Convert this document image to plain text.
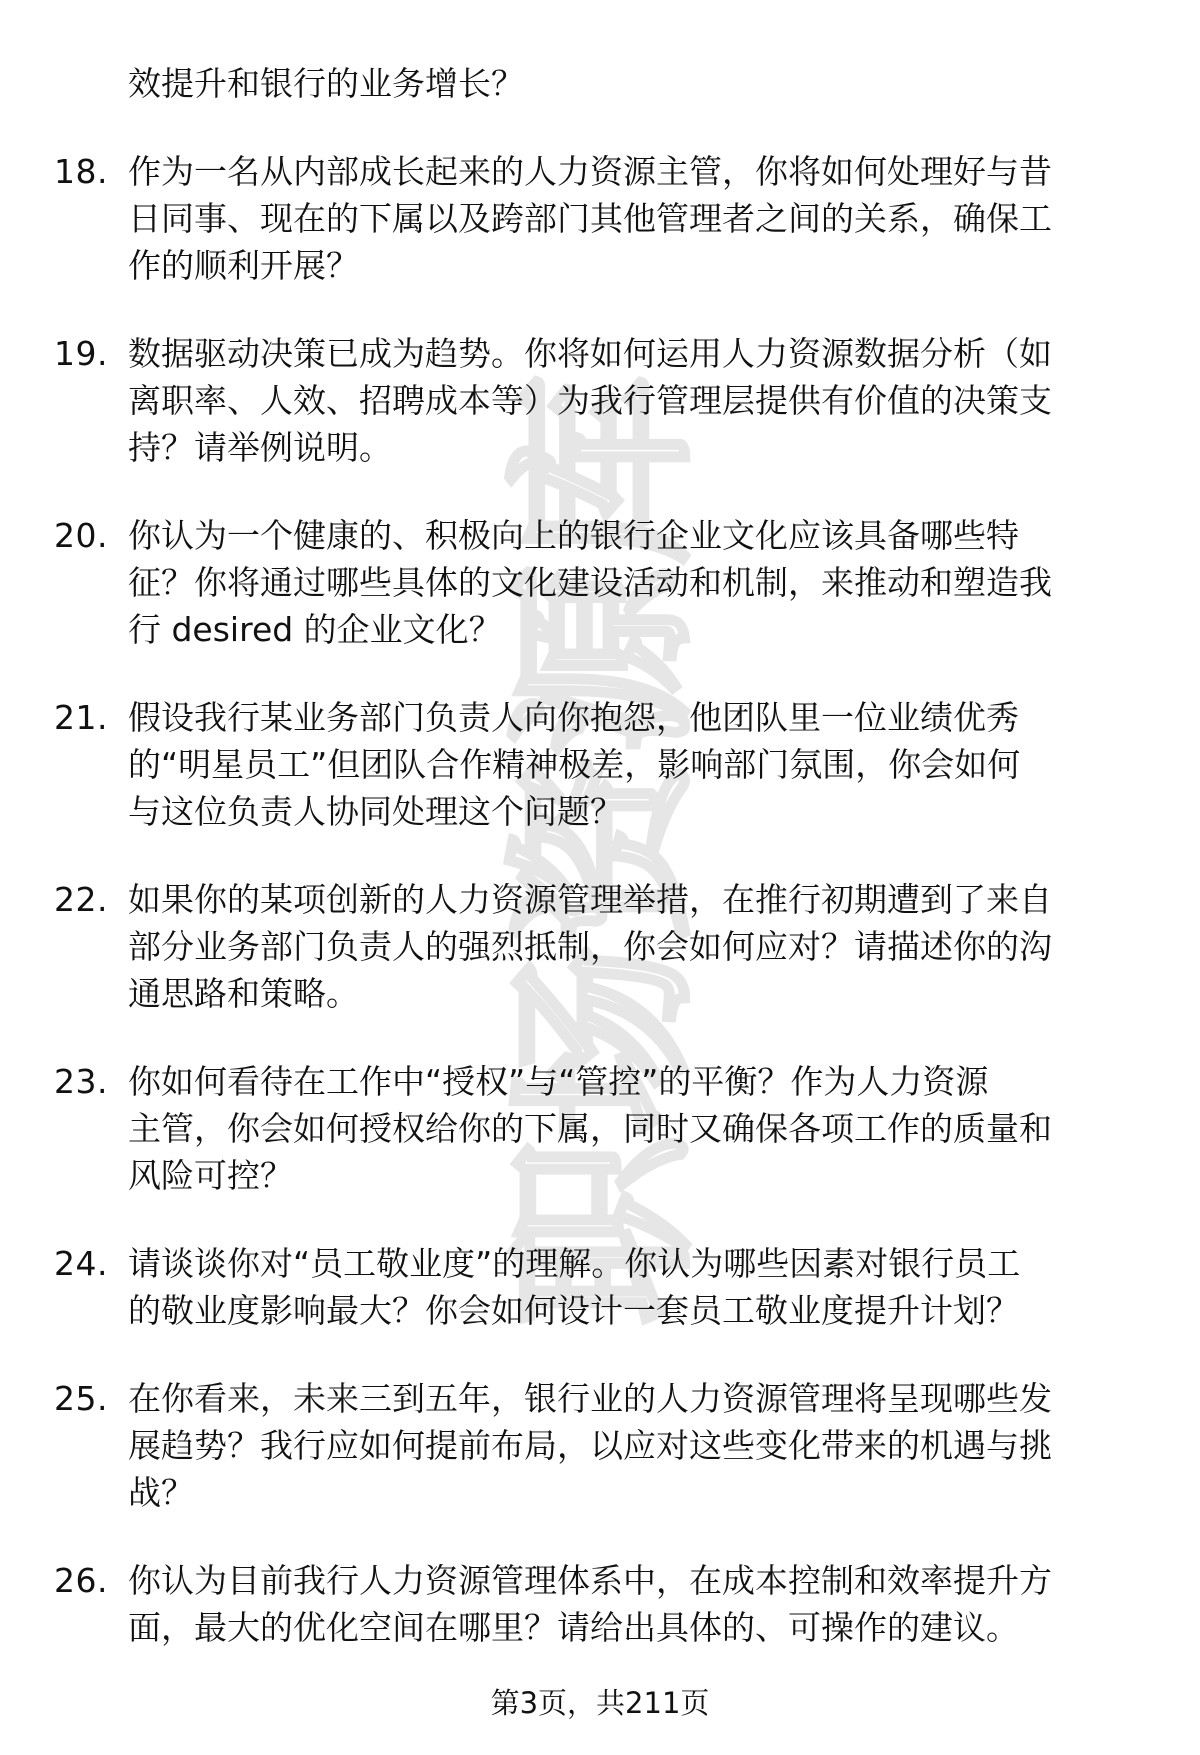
职场资源库

效提升和银行的业务增长？

18. 作为一名从内部成长起来的人力资源主管，你将如何处理好与昔
日同事、现在的下属以及跨部门其他管理者之间的关系，确保工
作的顺利开展？
19. 数据驱动决策已成为趋势。你将如何运用人力资源数据分析（如
离职率、人效、招聘成本等）为我行管理层提供有价值的决策支
持？请举例说明。
20. 你认为一个健康的、积极向上的银行企业文化应该具备哪些特
征？你将通过哪些具体的文化建设活动和机制，来推动和塑造我
行 desired 的企业文化？
21. 假设我行某业务部门负责人向你抱怨，他团队里一位业绩优秀
的“明星员工”但团队合作精神极差，影响部门氛围，你会如何
与这位负责人协同处理这个问题？
22. 如果你的某项创新的人力资源管理举措，在推行初期遭到了来自
部分业务部门负责人的强烈抵制，你会如何应对？请描述你的沟
通思路和策略。
23. 你如何看待在工作中“授权”与“管控”的平衡？作为人力资源
主管，你会如何授权给你的下属，同时又确保各项工作的质量和
风险可控？
24. 请谈谈你对“员工敬业度”的理解。你认为哪些因素对银行员工
的敬业度影响最大？你会如何设计一套员工敬业度提升计划？
25. 在你看来，未来三到五年，银行业的人力资源管理将呈现哪些发
展趋势？我行应如何提前布局，以应对这些变化带来的机遇与挑
战？
26. 你认为目前我行人力资源管理体系中，在成本控制和效率提升方
面，最大的优化空间在哪里？请给出具体的、可操作的建议。
第3页，共211页
